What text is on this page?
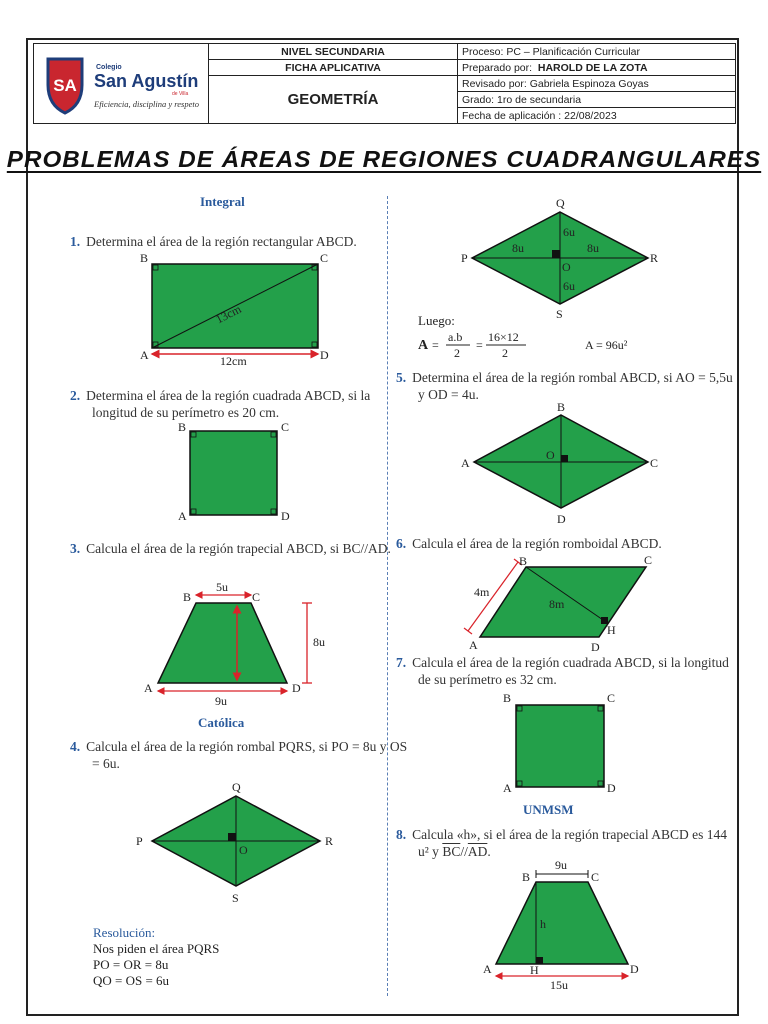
SA
Colegio
San Agustín
de Villa
Eficiencia, disciplina y respeto	NIVEL SECUNDARIA	Proceso: PC – Planificación Curricular
	FICHA APLICATIVA	Preparado por: HAROLD DE LA ZOTA
	GEOMETRÍA	Revisado por: Gabriela Espinoza Goyas
		Grado: 1ro de secundaria
		Fecha de aplicación : 22/08/2023
PROBLEMAS DE ÁREAS DE REGIONES CUADRANGULARES
Integral
1. Determina el área de la región rectangular ABCD.
2. Determina el área de la región cuadrada ABCD, si la longitud de su perímetro es 20 cm.
3. Calcula el área de la región trapecial ABCD, si BC//AD.
Católica
4. Calcula el área de la región rombal PQRS, si PO = 8u y OS = 6u.
Resolución:
Nos piden el área PQRS
PO = OR = 8u
QO = OS = 6u
Luego:
5. Determina el área de la región rombal ABCD, si AO = 5,5u y OD = 4u.
6. Calcula el área de la región romboidal ABCD.
7. Calcula el área de la región cuadrada ABCD, si la longitud de su perímetro es 32 cm.
UNMSM
8. Calcula «h», si el área de la región trapecial ABCD es 144 u² y $\overline{BC}//\overline{AD}$.
B	C
A	D
13cm
12cm
B	C
A	D
B	C
A	D
5u
8u
9u
Q
P	R
S
O
Q
P	R
S
O
8u	8u
6u
6u
A =
a.b
2
=
16×12
2
A = 96u²
B
A	C
D
O
B	C
A	D
H
4m
8m
B	C
A	D
B	C
A	D
H
9u
h
15u
